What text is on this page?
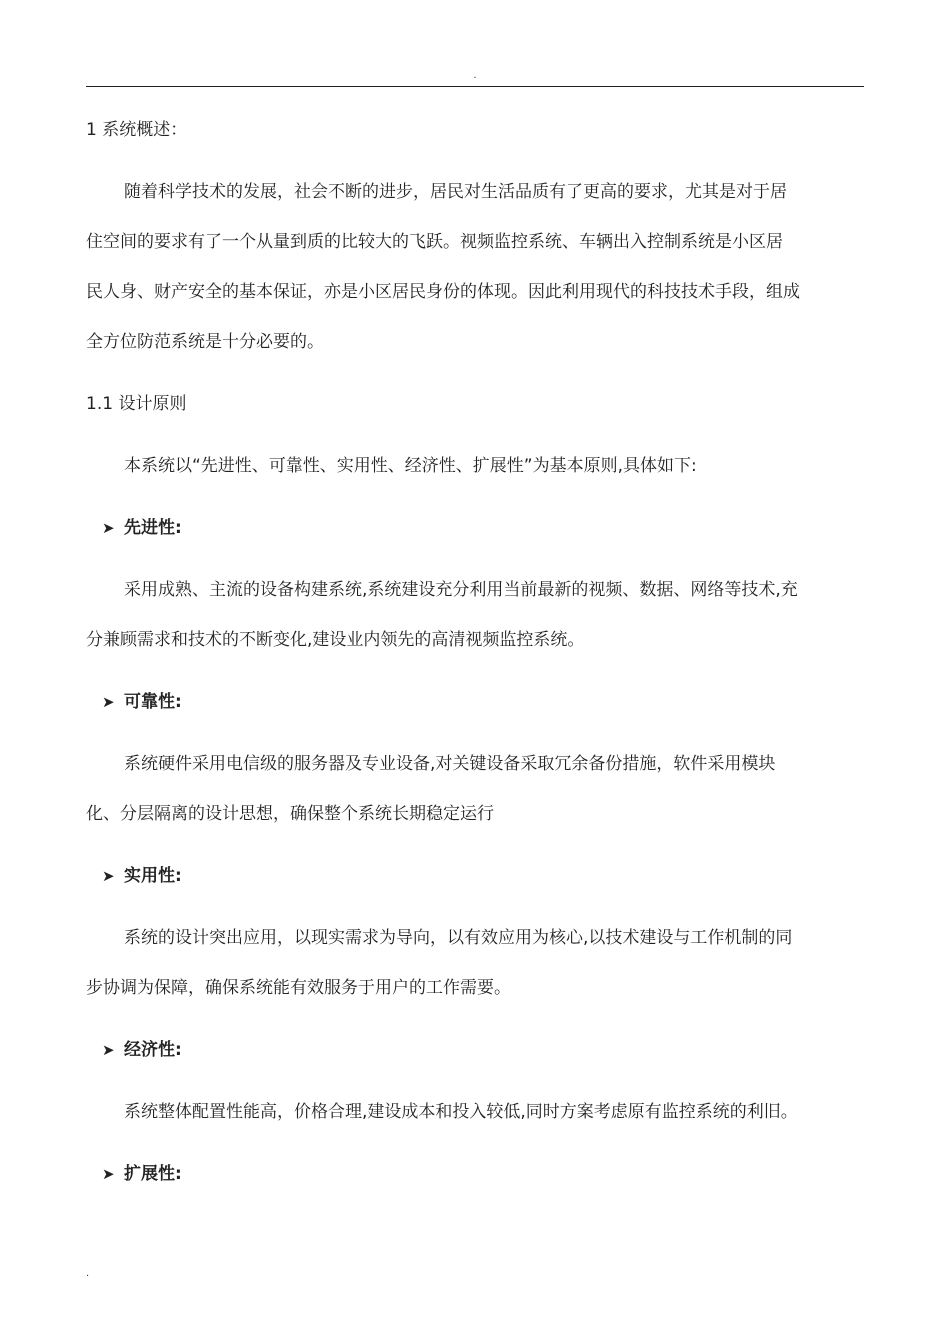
.
1 系统概述：
随着科学技术的发展，社会不断的进步，居民对生活品质有了更高的要求，尤其是对于居
住空间的要求有了一个从量到质的比较大的飞跃。视频监控系统、车辆出入控制系统是小区居
民人身、财产安全的基本保证，亦是小区居民身份的体现。因此利用现代的科技技术手段，组成
全方位防范系统是十分必要的。
1.1 设计原则
本系统以“先进性、可靠性、实用性、经济性、扩展性”为基本原则,具体如下:
➤ 先进性:
采用成熟、主流的设备构建系统,系统建设充分利用当前最新的视频、数据、网络等技术,充
分兼顾需求和技术的不断变化,建设业内领先的高清视频监控系统。
➤ 可靠性:
系统硬件采用电信级的服务器及专业设备,对关键设备采取冗余备份措施，软件采用模块
化、分层隔离的设计思想，确保整个系统长期稳定运行
➤ 实用性:
系统的设计突出应用，以现实需求为导向，以有效应用为核心,以技术建设与工作机制的同
步协调为保障，确保系统能有效服务于用户的工作需要。
➤ 经济性:
系统整体配置性能高，价格合理,建设成本和投入较低,同时方案考虑原有监控系统的利旧。
➤ 扩展性:
.
